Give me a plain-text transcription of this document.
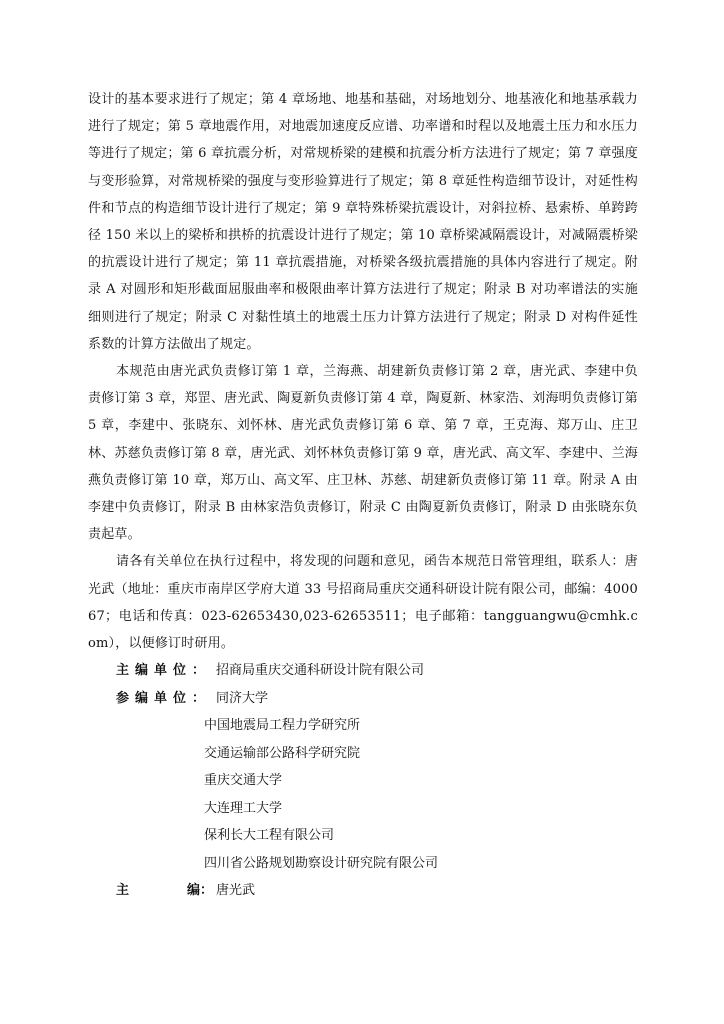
设计的基本要求进行了规定；第 4 章场地、地基和基础，对场地划分、地基液化和地基承载力进行了规定；第 5 章地震作用，对地震加速度反应谱、功率谱和时程以及地震土压力和水压力等进行了规定；第 6 章抗震分析，对常规桥梁的建模和抗震分析方法进行了规定；第 7 章强度与变形验算，对常规桥梁的强度与变形验算进行了规定；第 8 章延性构造细节设计，对延性构件和节点的构造细节设计进行了规定；第 9 章特殊桥梁抗震设计，对斜拉桥、悬索桥、单跨跨径 150 米以上的梁桥和拱桥的抗震设计进行了规定；第 10 章桥梁减隔震设计，对减隔震桥梁的抗震设计进行了规定；第 11 章抗震措施，对桥梁各级抗震措施的具体内容进行了规定。附录 A 对圆形和矩形截面屈服曲率和极限曲率计算方法进行了规定；附录 B 对功率谱法的实施细则进行了规定；附录 C 对黏性填土的地震土压力计算方法进行了规定；附录 D 对构件延性系数的计算方法做出了规定。

本规范由唐光武负责修订第 1 章，兰海燕、胡建新负责修订第 2 章，唐光武、李建中负责修订第 3 章，郑罡、唐光武、陶夏新负责修订第 4 章，陶夏新、林家浩、刘海明负责修订第 5 章，李建中、张晓东、刘怀林、唐光武负责修订第 6 章、第 7 章，王克海、郑万山、庄卫林、苏慈负责修订第 8 章，唐光武、刘怀林负责修订第 9 章，唐光武、高文军、李建中、兰海燕负责修订第 10 章，郑万山、高文军、庄卫林、苏慈、胡建新负责修订第 11 章。附录 A 由李建中负责修订，附录 B 由林家浩负责修订，附录 C 由陶夏新负责修订，附录 D 由张晓东负责起草。

请各有关单位在执行过程中，将发现的问题和意见，函告本规范日常管理组，联系人：唐光武（地址：重庆市南岸区学府大道 33 号招商局重庆交通科研设计院有限公司，邮编：400067；电话和传真：023-62653430,023-62653511；电子邮箱：tangguangwu@cmhk.com），以便修订时研用。

主编单位： 招商局重庆交通科研设计院有限公司
参编单位： 同济大学
中国地震局工程力学研究所
交通运输部公路科学研究院
重庆交通大学
大连理工大学
保利长大工程有限公司
四川省公路规划勘察设计研究院有限公司
主	编： 唐光武
